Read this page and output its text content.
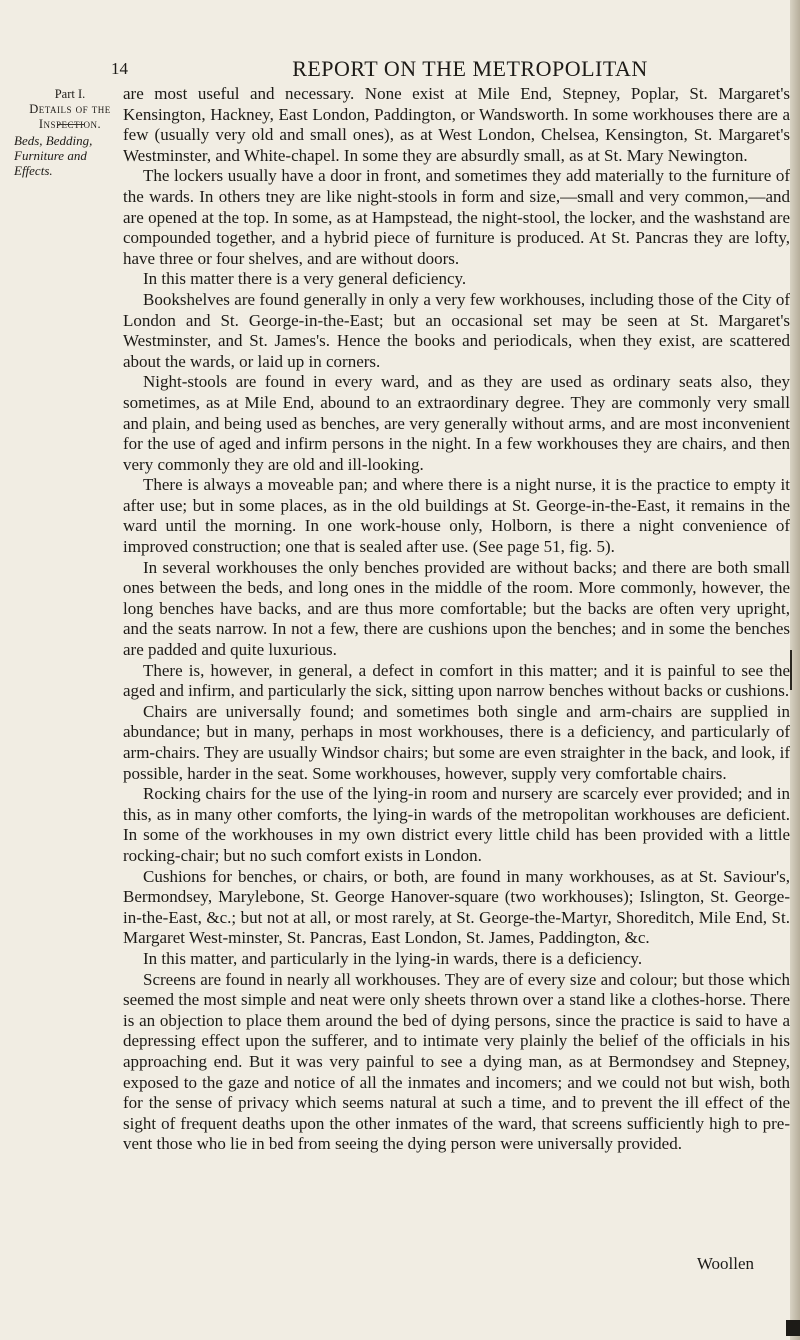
14	REPORT ON THE METROPOLITAN
Part I.
Details of the Inspection.
Beds, Bedding, Furniture and Effects.

are most useful and necessary. None exist at Mile End, Stepney, Poplar, St. Margaret's Kensington, Hackney, East London, Paddington, or Wandsworth. In some workhouses there are a few (usually very old and small ones), as at West London, Chelsea, Kensington, St. Margaret's Westminster, and White-chapel. In some they are absurdly small, as at St. Mary Newington.

The lockers usually have a door in front, and sometimes they add materially to the furniture of the wards. In others tney are like night-stools in form and size,—small and very common,—and are opened at the top. In some, as at Hampstead, the night-stool, the locker, and the washstand are compounded together, and a hybrid piece of furniture is produced. At St. Pancras they are lofty, have three or four shelves, and are without doors.

In this matter there is a very general deficiency.

Bookshelves are found generally in only a very few workhouses, including those of the City of London and St. George-in-the-East; but an occasional set may be seen at St. Margaret's Westminster, and St. James's. Hence the books and periodicals, when they exist, are scattered about the wards, or laid up in corners.

Night-stools are found in every ward, and as they are used as ordinary seats also, they sometimes, as at Mile End, abound to an extraordinary degree. They are commonly very small and plain, and being used as benches, are very generally without arms, and are most inconvenient for the use of aged and infirm persons in the night. In a few workhouses they are chairs, and then very commonly they are old and ill-looking.

There is always a moveable pan; and where there is a night nurse, it is the practice to empty it after use; but in some places, as in the old buildings at St. George-in-the-East, it remains in the ward until the morning. In one work-house only, Holborn, is there a night convenience of improved construction; one that is sealed after use. (See page 51, fig. 5).

In several workhouses the only benches provided are without backs; and there are both small ones between the beds, and long ones in the middle of the room. More commonly, however, the long benches have backs, and are thus more comfortable; but the backs are often very upright, and the seats narrow. In not a few, there are cushions upon the benches; and in some the benches are padded and quite luxurious.

There is, however, in general, a defect in comfort in this matter; and it is painful to see the aged and infirm, and particularly the sick, sitting upon narrow benches without backs or cushions.

Chairs are universally found; and sometimes both single and arm-chairs are supplied in abundance; but in many, perhaps in most workhouses, there is a deficiency, and particularly of arm-chairs. They are usually Windsor chairs; but some are even straighter in the back, and look, if possible, harder in the seat. Some workhouses, however, supply very comfortable chairs.

Rocking chairs for the use of the lying-in room and nursery are scarcely ever provided; and in this, as in many other comforts, the lying-in wards of the metropolitan workhouses are deficient. In some of the workhouses in my own district every little child has been provided with a little rocking-chair; but no such comfort exists in London.

Cushions for benches, or chairs, or both, are found in many workhouses, as at St. Saviour's, Bermondsey, Marylebone, St. George Hanover-square (two workhouses); Islington, St. George-in-the-East, &c.; but not at all, or most rarely, at St. George-the-Martyr, Shoreditch, Mile End, St. Margaret West-minster, St. Pancras, East London, St. James, Paddington, &c.

In this matter, and particularly in the lying-in wards, there is a deficiency.

Screens are found in nearly all workhouses. They are of every size and colour; but those which seemed the most simple and neat were only sheets thrown over a stand like a clothes-horse. There is an objection to place them around the bed of dying persons, since the practice is said to have a depressing effect upon the sufferer, and to intimate very plainly the belief of the officials in his approaching end. But it was very painful to see a dying man, as at Bermondsey and Stepney, exposed to the gaze and notice of all the inmates and incomers; and we could not but wish, both for the sense of privacy which seems natural at such a time, and to prevent the ill effect of the sight of frequent deaths upon the other inmates of the ward, that screens sufficiently high to pre-vent those who lie in bed from seeing the dying person were universally provided.

Woollen
